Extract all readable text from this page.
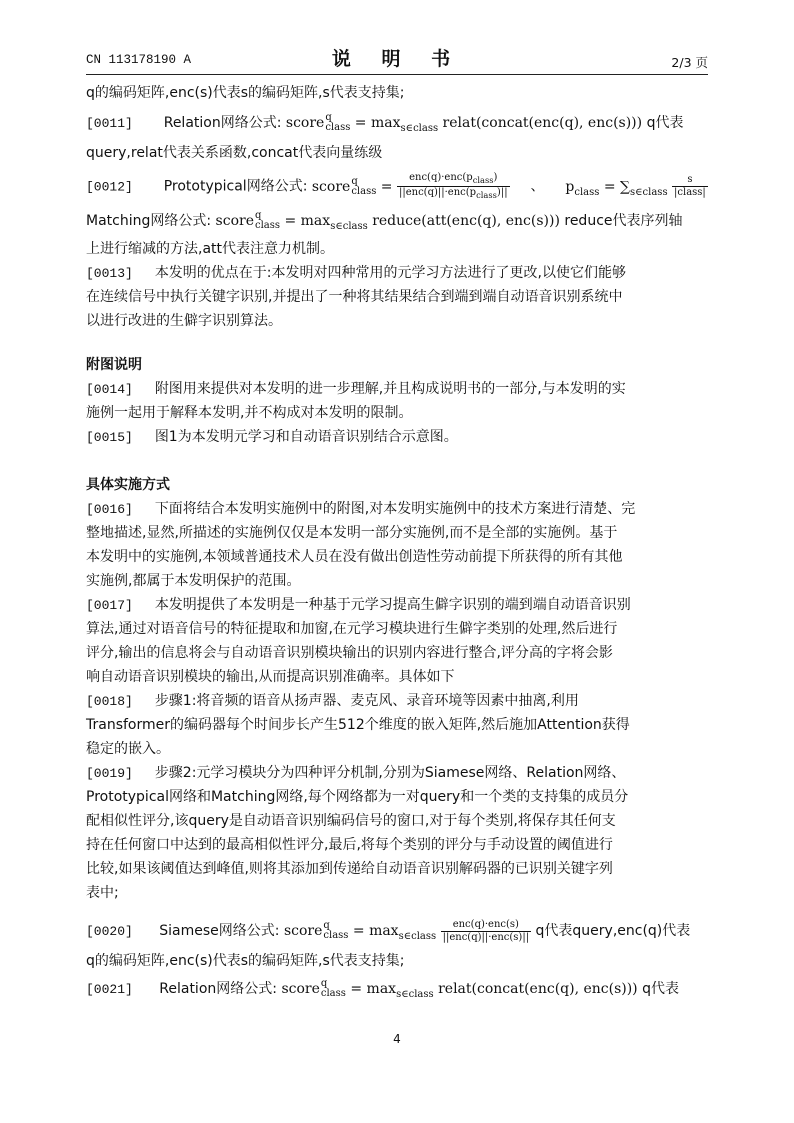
CN 113178190 A	说 明 书	2/3 页
q的编码矩阵,enc(s)代表s的编码矩阵,s代表支持集;
[0011] Relation网络公式: score q
class = $\max_{s\in class}$ relat(concat(enc(q), enc(s))) q代表
query,relat代表关系函数,concat代表向量练级
[0012] Prototypical网络公式: score q
class = $\frac{enc(q)\cdot enc(p_{class})}{||enc(q)||\cdot enc(p_{class})||}$ 、 $p_{class} = \sum_{s\in class} \frac{s}{\text{|class|}}$
Matching网络公式: score q
class = $\max_{s\in class}$ reduce(att(enc(q), enc(s))) reduce代表序列轴
上进行缩减的方法,att代表注意力机制。
[0013] 本发明的优点在于:本发明对四种常用的元学习方法进行了更改,以使它们能够
在连续信号中执行关键字识别,并提出了一种将其结果结合到端到端自动语音识别系统中
以进行改进的生僻字识别算法。
附图说明
[0014] 附图用来提供对本发明的进一步理解,并且构成说明书的一部分,与本发明的实
施例一起用于解释本发明,并不构成对本发明的限制。
[0015] 图1为本发明元学习和自动语音识别结合示意图。
具体实施方式
[0016] 下面将结合本发明实施例中的附图,对本发明实施例中的技术方案进行清楚、完
整地描述,显然,所描述的实施例仅仅是本发明一部分实施例,而不是全部的实施例。基于
本发明中的实施例,本领域普通技术人员在没有做出创造性劳动前提下所获得的所有其他
实施例,都属于本发明保护的范围。
[0017] 本发明提供了本发明是一种基于元学习提高生僻字识别的端到端自动语音识别
算法,通过对语音信号的特征提取和加窗,在元学习模块进行生僻字类别的处理,然后进行
评分,输出的信息将会与自动语音识别模块输出的识别内容进行整合,评分高的字将会影
响自动语音识别模块的输出,从而提高识别准确率。具体如下
[0018] 步骤1:将音频的语音从扬声器、麦克风、录音环境等因素中抽离,利用
Transformer的编码器每个时间步长产生512个维度的嵌入矩阵,然后施加Attention获得
稳定的嵌入。
[0019] 步骤2:元学习模块分为四种评分机制,分别为Siamese网络、Relation网络、
Prototypical网络和Matching网络,每个网络都为一对query和一个类的支持集的成员分
配相似性评分,该query是自动语音识别编码信号的窗口,对于每个类别,将保存其任何支
持在任何窗口中达到的最高相似性评分,最后,将每个类别的评分与手动设置的阈值进行
比较,如果该阈值达到峰值,则将其添加到传递给自动语音识别解码器的已识别关键字列
表中;
[0020] Siamese网络公式: score q
class = $\max_{s\in class} \frac{\text{enc(q)·enc(s)}}{\text{||enc(q)||·enc(s)||}}$ q代表query,enc(q)代表
q的编码矩阵,enc(s)代表s的编码矩阵,s代表支持集;
[0021] Relation网络公式: score q
class = $\max_{s\in class}$ relat(concat(enc(q), enc(s))) q代表
4
